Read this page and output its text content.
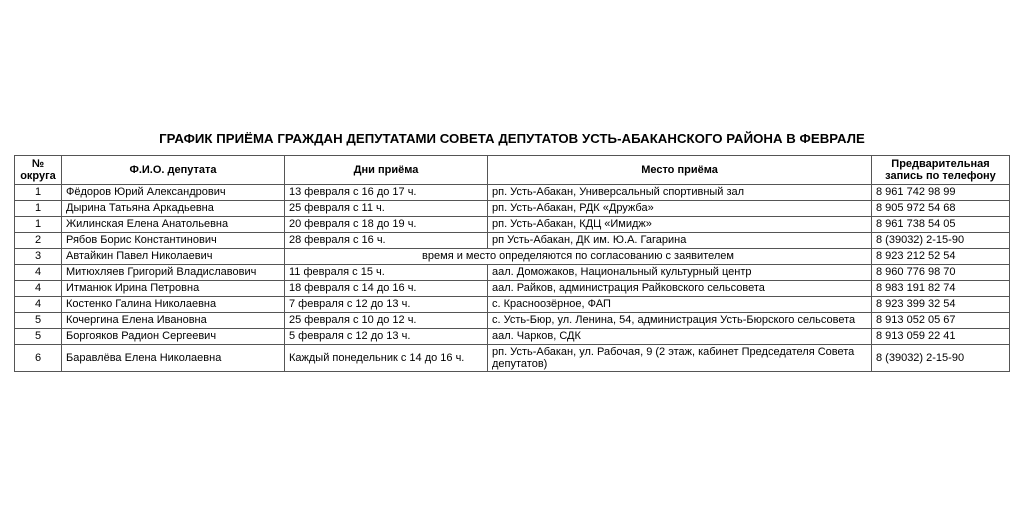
ГРАФИК ПРИЁМА ГРАЖДАН ДЕПУТАТАМИ СОВЕТА ДЕПУТАТОВ УСТЬ-АБАКАНСКОГО РАЙОНА В ФЕВРАЛЕ
№ округа	Ф.И.О. депутата	Дни приёма	Место приёма	Предварительная запись по телефону
1	Фёдоров Юрий Александрович	13 февраля с 16 до 17 ч.	рп. Усть-Абакан, Универсальный спортивный зал	8 961 742 98 99
1	Дырина Татьяна Аркадьевна	25 февраля с 11 ч.	рп. Усть-Абакан, РДК «Дружба»	8 905 972 54 68
1	Жилинская Елена Анатольевна	20 февраля с 18 до 19 ч.	рп. Усть-Абакан, КДЦ «Имидж»	8 961 738 54 05
2	Рябов Борис Константинович	28 февраля с 16 ч.	рп Усть-Абакан, ДК им. Ю.А. Гагарина	8 (39032) 2-15-90
3	Автайкин Павел Николаевич	время и место определяются по согласованию с заявителем		8 923 212 52 54
4	Митюхляев Григорий Владиславович	11 февраля с 15 ч.	аал. Доможаков, Национальный культурный центр	8 960 776 98 70
4	Итманюк Ирина Петровна	18 февраля с 14 до 16 ч.	аал. Райков, администрация Райковского сельсовета	8 983 191 82 74
4	Костенко Галина Николаевна	7 февраля с 12 до 13 ч.	с. Красноозёрное, ФАП	8 923 399 32 54
5	Кочергина Елена Ивановна	25 февраля с 10 до 12 ч.	с. Усть-Бюр, ул. Ленина, 54, администрация Усть-Бюрского сельсовета	8 913 052 05 67
5	Боргояков Радион Сергеевич	5 февраля с 12 до 13 ч.	аал. Чарков, СДК	8 913 059 22 41
6	Баравлёва Елена Николаевна	Каждый понедельник с 14 до 16 ч.	рп. Усть-Абакан, ул. Рабочая, 9 (2 этаж, кабинет Председателя Совета депутатов)	8 (39032) 2-15-90
